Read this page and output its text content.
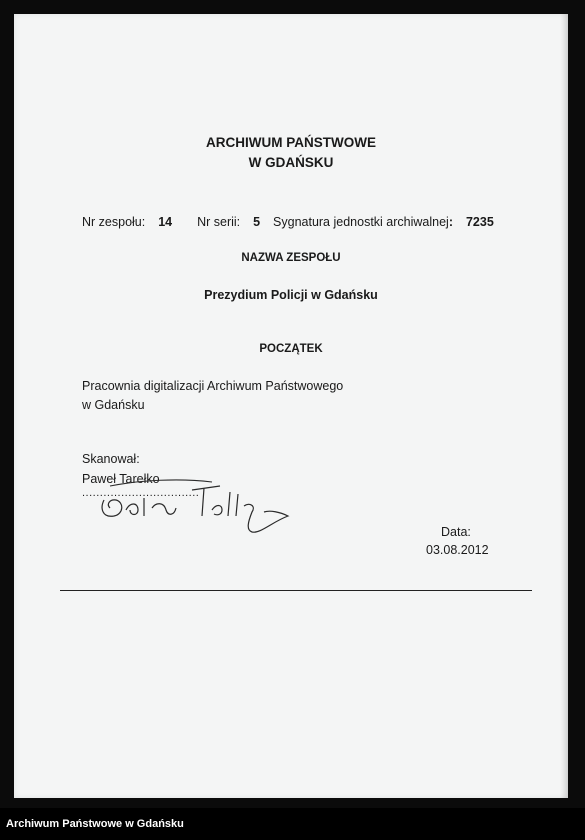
ARCHIWUM PAŃSTWOWE
W GDAŃSKU
Nr zespołu: 14 Nr serii: 5 Sygnatura jednostki archiwalnej: 7235
NAZWA ZESPOŁU
Prezydium Policji w Gdańsku
POCZĄTEK
Pracownia digitalizacji Archiwum Państwowego
w Gdańsku
Skanował:
Paweł Tarełko
.................................
Data:
03.08.2012
Archiwum Państwowe w Gdańsku
